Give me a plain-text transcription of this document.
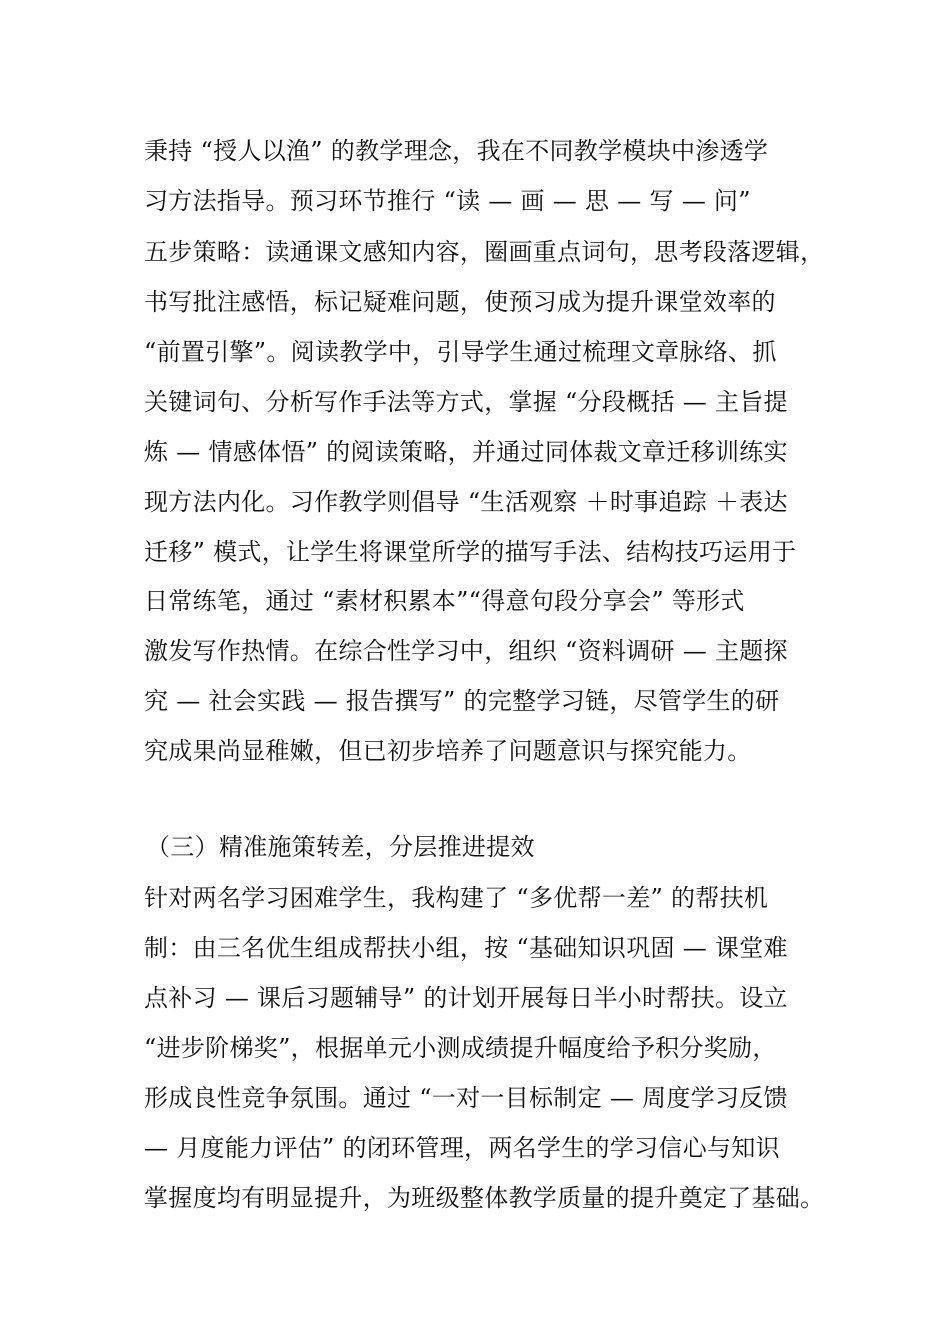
秉持 “授人以渔” 的教学理念，我在不同教学模块中渗透学
习方法指导。预习环节推行 “读 — 画 — 思 — 写 — 问”
五步策略：读通课文感知内容，圈画重点词句，思考段落逻辑，
书写批注感悟，标记疑难问题，使预习成为提升课堂效率的
“前置引擎”。阅读教学中，引导学生通过梳理文章脉络、抓
关键词句、分析写作手法等方式，掌握 “分段概括 — 主旨提
炼 — 情感体悟” 的阅读策略，并通过同体裁文章迁移训练实
现方法内化。习作教学则倡导 “生活观察 ＋时事追踪 ＋表达
迁移” 模式，让学生将课堂所学的描写手法、结构技巧运用于
日常练笔，通过 “素材积累本”“得意句段分享会” 等形式
激发写作热情。在综合性学习中，组织 “资料调研 — 主题探
究 — 社会实践 — 报告撰写” 的完整学习链，尽管学生的研
究成果尚显稚嫩，但已初步培养了问题意识与探究能力。
（三）精准施策转差，分层推进提效
针对两名学习困难学生，我构建了 “多优帮一差” 的帮扶机
制：由三名优生组成帮扶小组，按 “基础知识巩固 — 课堂难
点补习 — 课后习题辅导” 的计划开展每日半小时帮扶。设立
“进步阶梯奖”，根据单元小测成绩提升幅度给予积分奖励，
形成良性竞争氛围。通过 “一对一目标制定 — 周度学习反馈
— 月度能力评估” 的闭环管理，两名学生的学习信心与知识
掌握度均有明显提升，为班级整体教学质量的提升奠定了基础。
